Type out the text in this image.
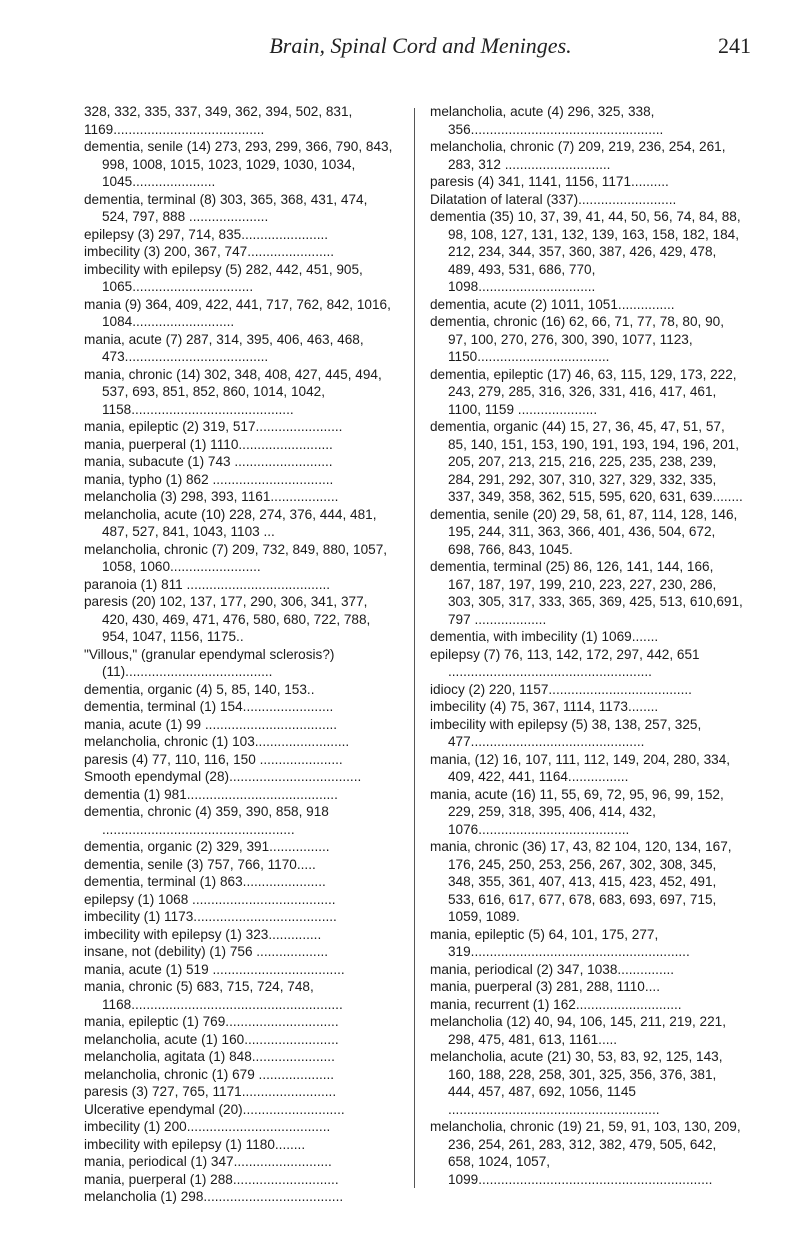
Brain, Spinal Cord and Meninges.	241
328, 332, 335, 337, 349, 362, 394, 502, 831, 1169........................................
dementia, senile (14) 273, 293, 299, 366, 790, 843, 998, 1008, 1015, 1023, 1029, 1030, 1034, 1045......................
dementia, terminal (8) 303, 365, 368, 431, 474, 524, 797, 888 .....................
epilepsy (3) 297, 714, 835.......................
imbecility (3) 200, 367, 747.......................
imbecility with epilepsy (5) 282, 442, 451, 905, 1065................................
mania (9) 364, 409, 422, 441, 717, 762, 842, 1016, 1084...........................
mania, acute (7) 287, 314, 395, 406, 463, 468, 473......................................
mania, chronic (14) 302, 348, 408, 427, 445, 494, 537, 693, 851, 852, 860, 1014, 1042, 1158...........................................
mania, epileptic (2) 319, 517.......................
mania, puerperal (1) 1110.........................
mania, subacute (1) 743 ..........................
mania, typho (1) 862 ................................
melancholia (3) 298, 393, 1161..................
melancholia, acute (10) 228, 274, 376, 444, 481, 487, 527, 841, 1043, 1103 ...
melancholia, chronic (7) 209, 732, 849, 880, 1057, 1058, 1060........................
paranoia (1) 811 ......................................
paresis (20) 102, 137, 177, 290, 306, 341, 377, 420, 430, 469, 471, 476, 580, 680, 722, 788, 954, 1047, 1156, 1175..
"Villous," (granular ependymal sclerosis?) (11).......................................
dementia, organic (4) 5, 85, 140, 153..
dementia, terminal (1) 154........................
mania, acute (1) 99 ...................................
melancholia, chronic (1) 103.........................
paresis (4) 77, 110, 116, 150 ......................
Smooth ependymal (28)...................................
dementia (1) 981........................................
dementia, chronic (4) 359, 390, 858, 918 ...................................................
dementia, organic (2) 329, 391................
dementia, senile (3) 757, 766, 1170.....
dementia, terminal (1) 863......................
epilepsy (1) 1068 ......................................
imbecility (1) 1173......................................
imbecility with epilepsy (1) 323..............
insane, not (debility) (1) 756 ...................
mania, acute (1) 519 ...................................
mania, chronic (5) 683, 715, 724, 748, 1168........................................................
mania, epileptic (1) 769..............................
melancholia, acute (1) 160.........................
melancholia, agitata (1) 848......................
melancholia, chronic (1) 679 ....................
paresis (3) 727, 765, 1171.........................
Ulcerative ependymal (20)...........................
imbecility (1) 200......................................
imbecility with epilepsy (1) 1180........
mania, periodical (1) 347..........................
mania, puerperal (1) 288............................
melancholia (1) 298.....................................
melancholia, acute (4) 296, 325, 338, 356...................................................
melancholia, chronic (7) 209, 219, 236, 254, 261, 283, 312 ............................
paresis (4) 341, 1141, 1156, 1171..........
Dilatation of lateral (337)..........................
dementia (35) 10, 37, 39, 41, 44, 50, 56, 74, 84, 88, 98, 108, 127, 131, 132, 139, 163, 158, 182, 184, 212, 234, 344, 357, 360, 387, 426, 429, 478, 489, 493, 531, 686, 770, 1098...............................
dementia, acute (2) 1011, 1051...............
dementia, chronic (16) 62, 66, 71, 77, 78, 80, 90, 97, 100, 270, 276, 300, 390, 1077, 1123, 1150...................................
dementia, epileptic (17) 46, 63, 115, 129, 173, 222, 243, 279, 285, 316, 326, 331, 416, 417, 461, 1100, 1159 .....................
dementia, organic (44) 15, 27, 36, 45, 47, 51, 57, 85, 140, 151, 153, 190, 191, 193, 194, 196, 201, 205, 207, 213, 215, 216, 225, 235, 238, 239, 284, 291, 292, 307, 310, 327, 329, 332, 335, 337, 349, 358, 362, 515, 595, 620, 631, 639........
dementia, senile (20) 29, 58, 61, 87, 114, 128, 146, 195, 244, 311, 363, 366, 401, 436, 504, 672, 698, 766, 843, 1045.
dementia, terminal (25) 86, 126, 141, 144, 166, 167, 187, 197, 199, 210, 223, 227, 230, 286, 303, 305, 317, 333, 365, 369, 425, 513, 610,691, 797 ...................
dementia, with imbecility (1) 1069.......
epilepsy (7) 76, 113, 142, 172, 297, 442, 651 ......................................................
idiocy (2) 220, 1157......................................
imbecility (4) 75, 367, 1114, 1173........
imbecility with epilepsy (5) 38, 138, 257, 325, 477..............................................
mania, (12) 16, 107, 111, 112, 149, 204, 280, 334, 409, 422, 441, 1164................
mania, acute (16) 11, 55, 69, 72, 95, 96, 99, 152, 229, 259, 318, 395, 406, 414, 432, 1076........................................
mania, chronic (36) 17, 43, 82 104, 120, 134, 167, 176, 245, 250, 253, 256, 267, 302, 308, 345, 348, 355, 361, 407, 413, 415, 423, 452, 491, 533, 616, 617, 677, 678, 683, 693, 697, 715, 1059, 1089.
mania, epileptic (5) 64, 101, 175, 277, 319..........................................................
mania, periodical (2) 347, 1038...............
mania, puerperal (3) 281, 288, 1110....
mania, recurrent (1) 162............................
melancholia (12) 40, 94, 106, 145, 211, 219, 221, 298, 475, 481, 613, 1161.....
melancholia, acute (21) 30, 53, 83, 92, 125, 143, 160, 188, 228, 258, 301, 325, 356, 376, 381, 444, 457, 487, 692, 1056, 1145 ........................................................
melancholia, chronic (19) 21, 59, 91, 103, 130, 209, 236, 254, 261, 283, 312, 382, 479, 505, 642, 658, 1024, 1057, 1099..............................................................
